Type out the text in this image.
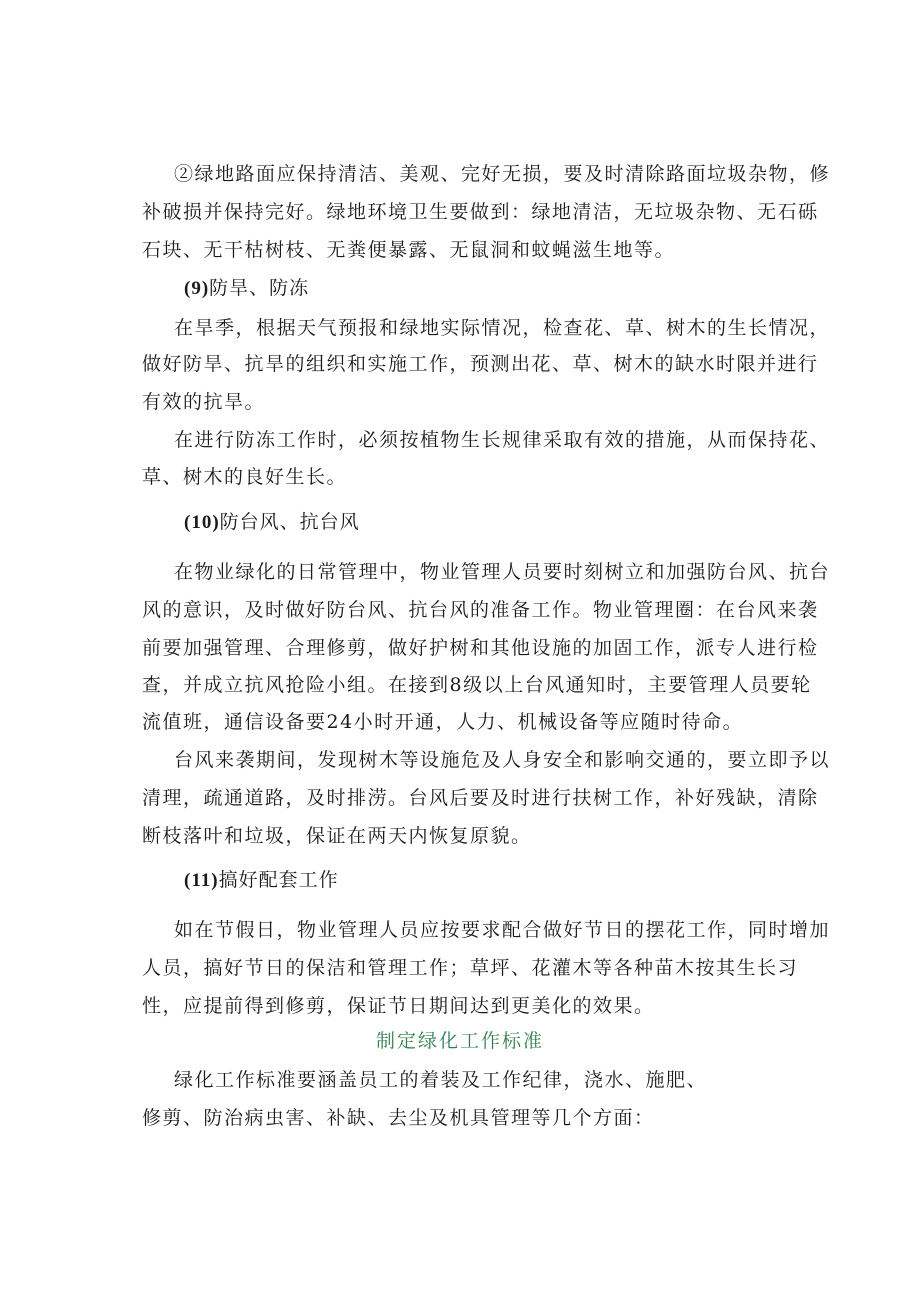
②绿地路面应保持清洁、美观、完好无损，要及时清除路面垃圾杂物，修
补破损并保持完好。绿地环境卫生要做到：绿地清洁，无垃圾杂物、无石砾
石块、无干枯树枝、无粪便暴露、无鼠洞和蚊蝇滋生地等。
(9)防旱、防冻
在旱季，根据天气预报和绿地实际情况，检查花、草、树木的生长情况，
做好防旱、抗旱的组织和实施工作，预测出花、草、树木的缺水时限并进行
有效的抗旱。
在进行防冻工作时，必须按植物生长规律采取有效的措施，从而保持花、
草、树木的良好生长。
(10)防台风、抗台风
在物业绿化的日常管理中，物业管理人员要时刻树立和加强防台风、抗台
风的意识，及时做好防台风、抗台风的准备工作。物业管理圈：在台风来袭
前要加强管理、合理修剪，做好护树和其他设施的加固工作，派专人进行检
查，并成立抗风抢险小组。在接到8级以上台风通知时，主要管理人员要轮
流值班，通信设备要24小时开通，人力、机械设备等应随时待命。
台风来袭期间，发现树木等设施危及人身安全和影响交通的，要立即予以
清理，疏通道路，及时排涝。台风后要及时进行扶树工作，补好残缺，清除
断枝落叶和垃圾，保证在两天内恢复原貌。
(11)搞好配套工作
如在节假日，物业管理人员应按要求配合做好节日的摆花工作，同时增加
人员，搞好节日的保洁和管理工作；草坪、花灌木等各种苗木按其生长习
性，应提前得到修剪，保证节日期间达到更美化的效果。
制定绿化工作标准
绿化工作标准要涵盖员工的着装及工作纪律，浇水、施肥、
修剪、防治病虫害、补缺、去尘及机具管理等几个方面：
